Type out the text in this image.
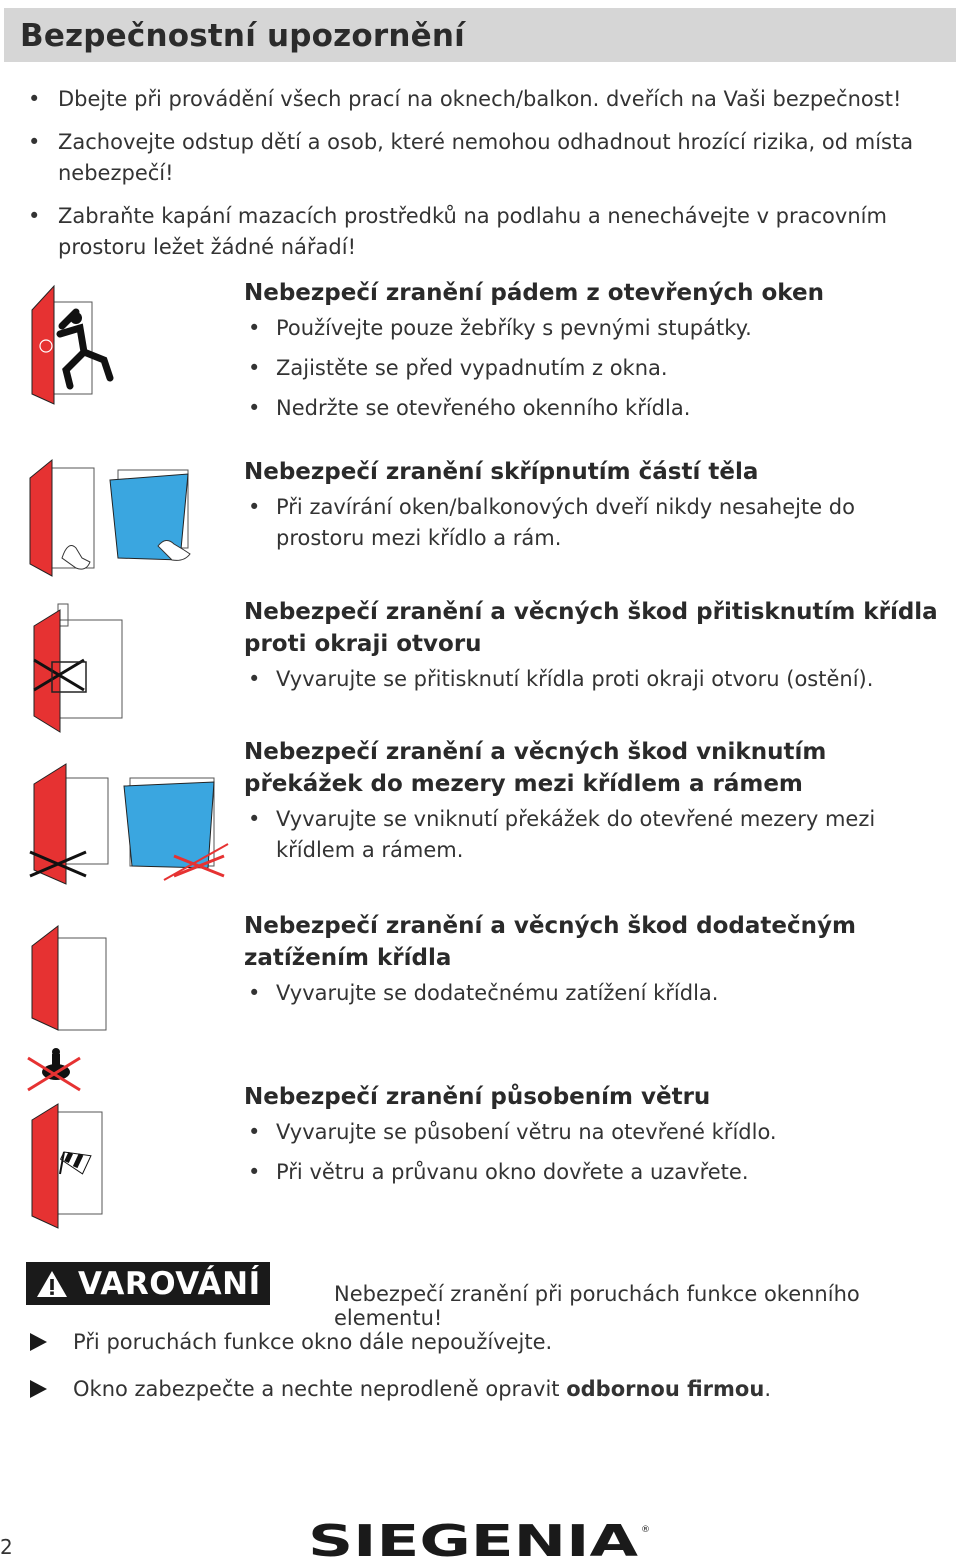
Bezpečnostní upozornění
• Dbejte při provádění všech prací na oknech/balkon. dveřích na Vaši bezpečnost!
• Zachovejte odstup dětí a osob, které nemohou odhadnout hrozící rizika, od místa nebezpečí!
• Zabraňte kapání mazacích prostředků na podlahu a nenechávejte v pracovním prostoru ležet žádné nářadí!
Nebezpečí zranění pádem z otevřených oken
• Používejte pouze žebříky s pevnými stupátky.
• Zajistěte se před vypadnutím z okna.
• Nedržte se otevřeného okenního křídla.
Nebezpečí zranění skřípnutím částí těla
• Při zavírání oken/balkonových dveří nikdy nesahejte do prostoru mezi křídlo a rám.
Nebezpečí zranění a věcných škod přitisknutím křídla proti okraji otvoru
• Vyvarujte se přitisknutí křídla proti okraji otvoru (ostění).
Nebezpečí zranění a věcných škod vniknutím překážek do mezery mezi křídlem a rámem
• Vyvarujte se vniknutí překážek do otevřené mezery mezi křídlem a rámem.
Nebezpečí zranění a věcných škod dodatečným zatížením křídla
• Vyvarujte se dodatečnému zatížení křídla.
Nebezpečí zranění působením větru
• Vyvarujte se působení větru na otevřené křídlo.
• Při větru a průvanu okno dovřete a uzavřete.
VAROVÁNÍ	Nebezpečí zranění při poruchách funkce okenního elementu!
Při poruchách funkce okno dále nepoužívejte.
Okno zabezpečte a nechte neprodleně opravit odbornou firmou.
2	SIEGENIA ®
